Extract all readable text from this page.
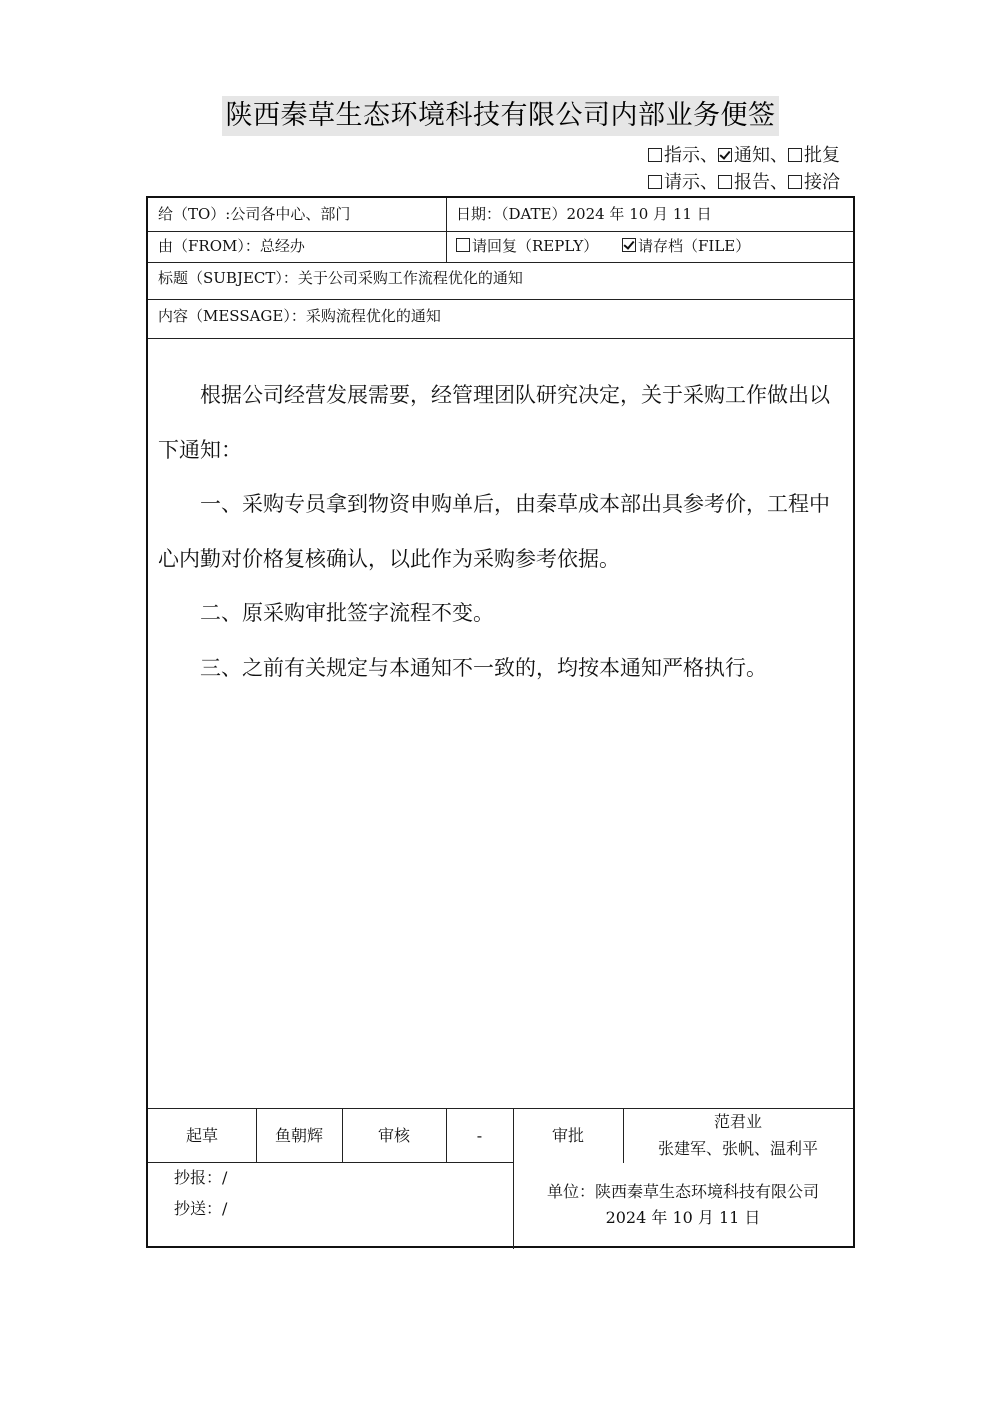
陕西秦草生态环境科技有限公司内部业务便签
指示、 通知、 批复
请示、 报告、 接洽
给（TO）:公司各中心、部门	日期：（DATE）2024 年 10 月 11 日
由（FROM）：总经办	请回复（REPLY）	请存档（FILE）
标题（SUBJECT）：关于公司采购工作流程优化的通知
内容（MESSAGE）：采购流程优化的通知

根据公司经营发展需要，经管理团队研究决定，关于采购工作做出以下通知：

一、采购专员拿到物资申购单后，由秦草成本部出具参考价，工程中心内勤对价格复核确认，以此作为采购参考依据。

二、原采购审批签字流程不变。

三、之前有关规定与本通知不一致的，均按本通知严格执行。

起草	鱼朝辉	审核	-	审批
范君业
张建军、张帆、温利平
抄报：/
抄送：/
单位：陕西秦草生态环境科技有限公司
2024 年 10 月 11 日
